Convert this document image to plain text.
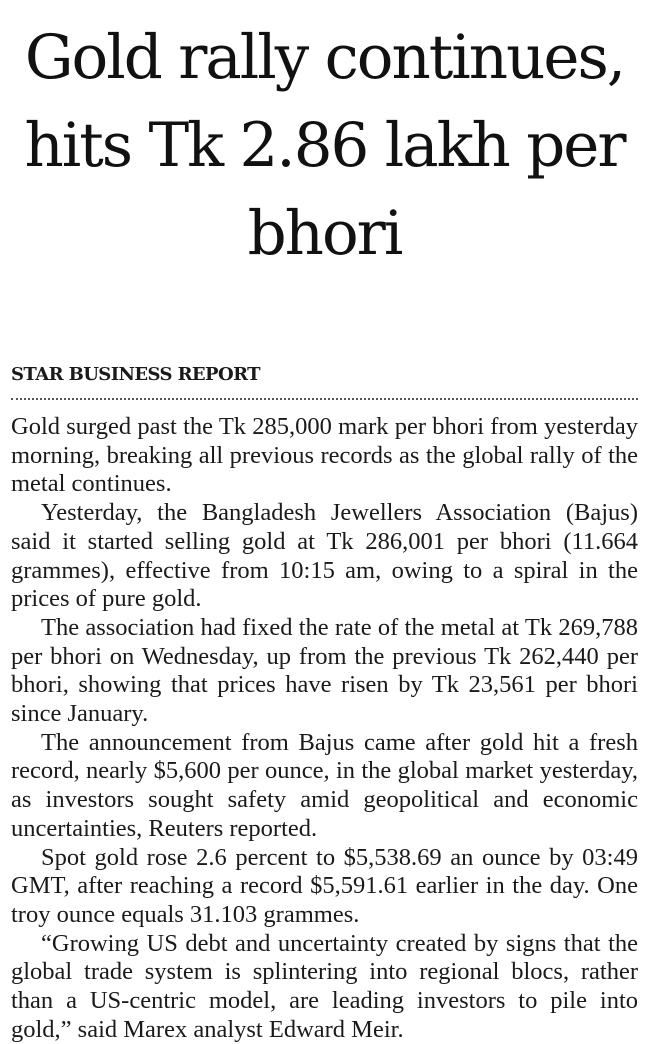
Gold rally continues, hits Tk 2.86 lakh per bhori
STAR BUSINESS REPORT

Gold surged past the Tk 285,000 mark per bhori from yesterday morning, breaking all previous records as the global rally of the metal continues.

Yesterday, the Bangladesh Jewellers Association (Bajus) said it started selling gold at Tk 286,001 per bhori (11.664 grammes), effective from 10:15 am, owing to a spiral in the prices of pure gold.

The association had fixed the rate of the metal at Tk 269,788 per bhori on Wednesday, up from the previous Tk 262,440 per bhori, showing that prices have risen by Tk 23,561 per bhori since January.

The announcement from Bajus came after gold hit a fresh record, nearly $5,600 per ounce, in the global market yesterday, as investors sought safety amid geopolitical and economic uncertainties, Reuters reported.

Spot gold rose 2.6 percent to $5,538.69 an ounce by 03:49 GMT, after reaching a record $5,591.61 earlier in the day. One troy ounce equals 31.103 grammes.

“Growing US debt and uncertainty created by signs that the global trade system is splintering into regional blocs, rather than a US-centric model, are leading investors to pile into gold,” said Marex analyst Edward Meir.
